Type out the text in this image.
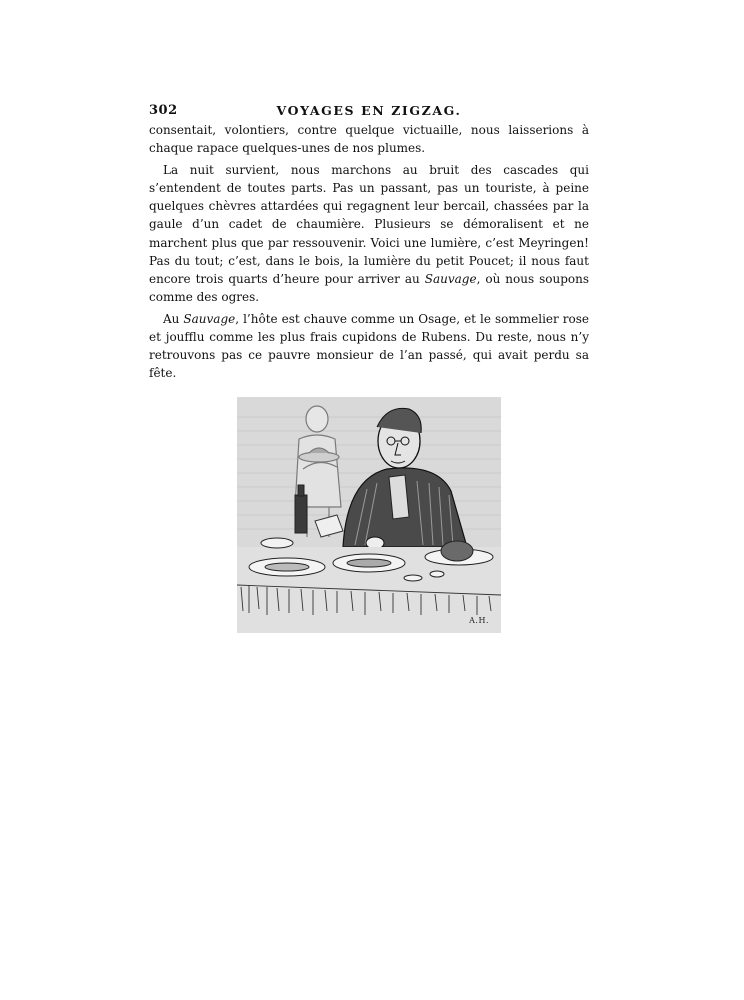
302	VOYAGES EN ZIGZAG.

consentait, volontiers, contre quelque victuaille, nous laisserions à chaque rapace quelques-unes de nos plumes.

La nuit survient, nous marchons au bruit des cascades qui s’entendent de toutes parts. Pas un passant, pas un touriste, à peine quelques chèvres attardées qui regagnent leur bercail, chassées par la gaule d’un cadet de chaumière. Plusieurs se démoralisent et ne marchent plus que par ressouvenir. Voici une lumière, c’est Meyringen! Pas du tout; c’est, dans le bois, la lumière du petit Poucet; il nous faut encore trois quarts d’heure pour arriver au Sauvage, où nous soupons comme des ogres.

Au Sauvage, l’hôte est chauve comme un Osage, et le sommelier rose et joufflu comme les plus frais cupidons de Rubens. Du reste, nous n’y retrouvons pas ce pauvre monsieur de l’an passé, qui avait perdu sa fête.

A.H.
